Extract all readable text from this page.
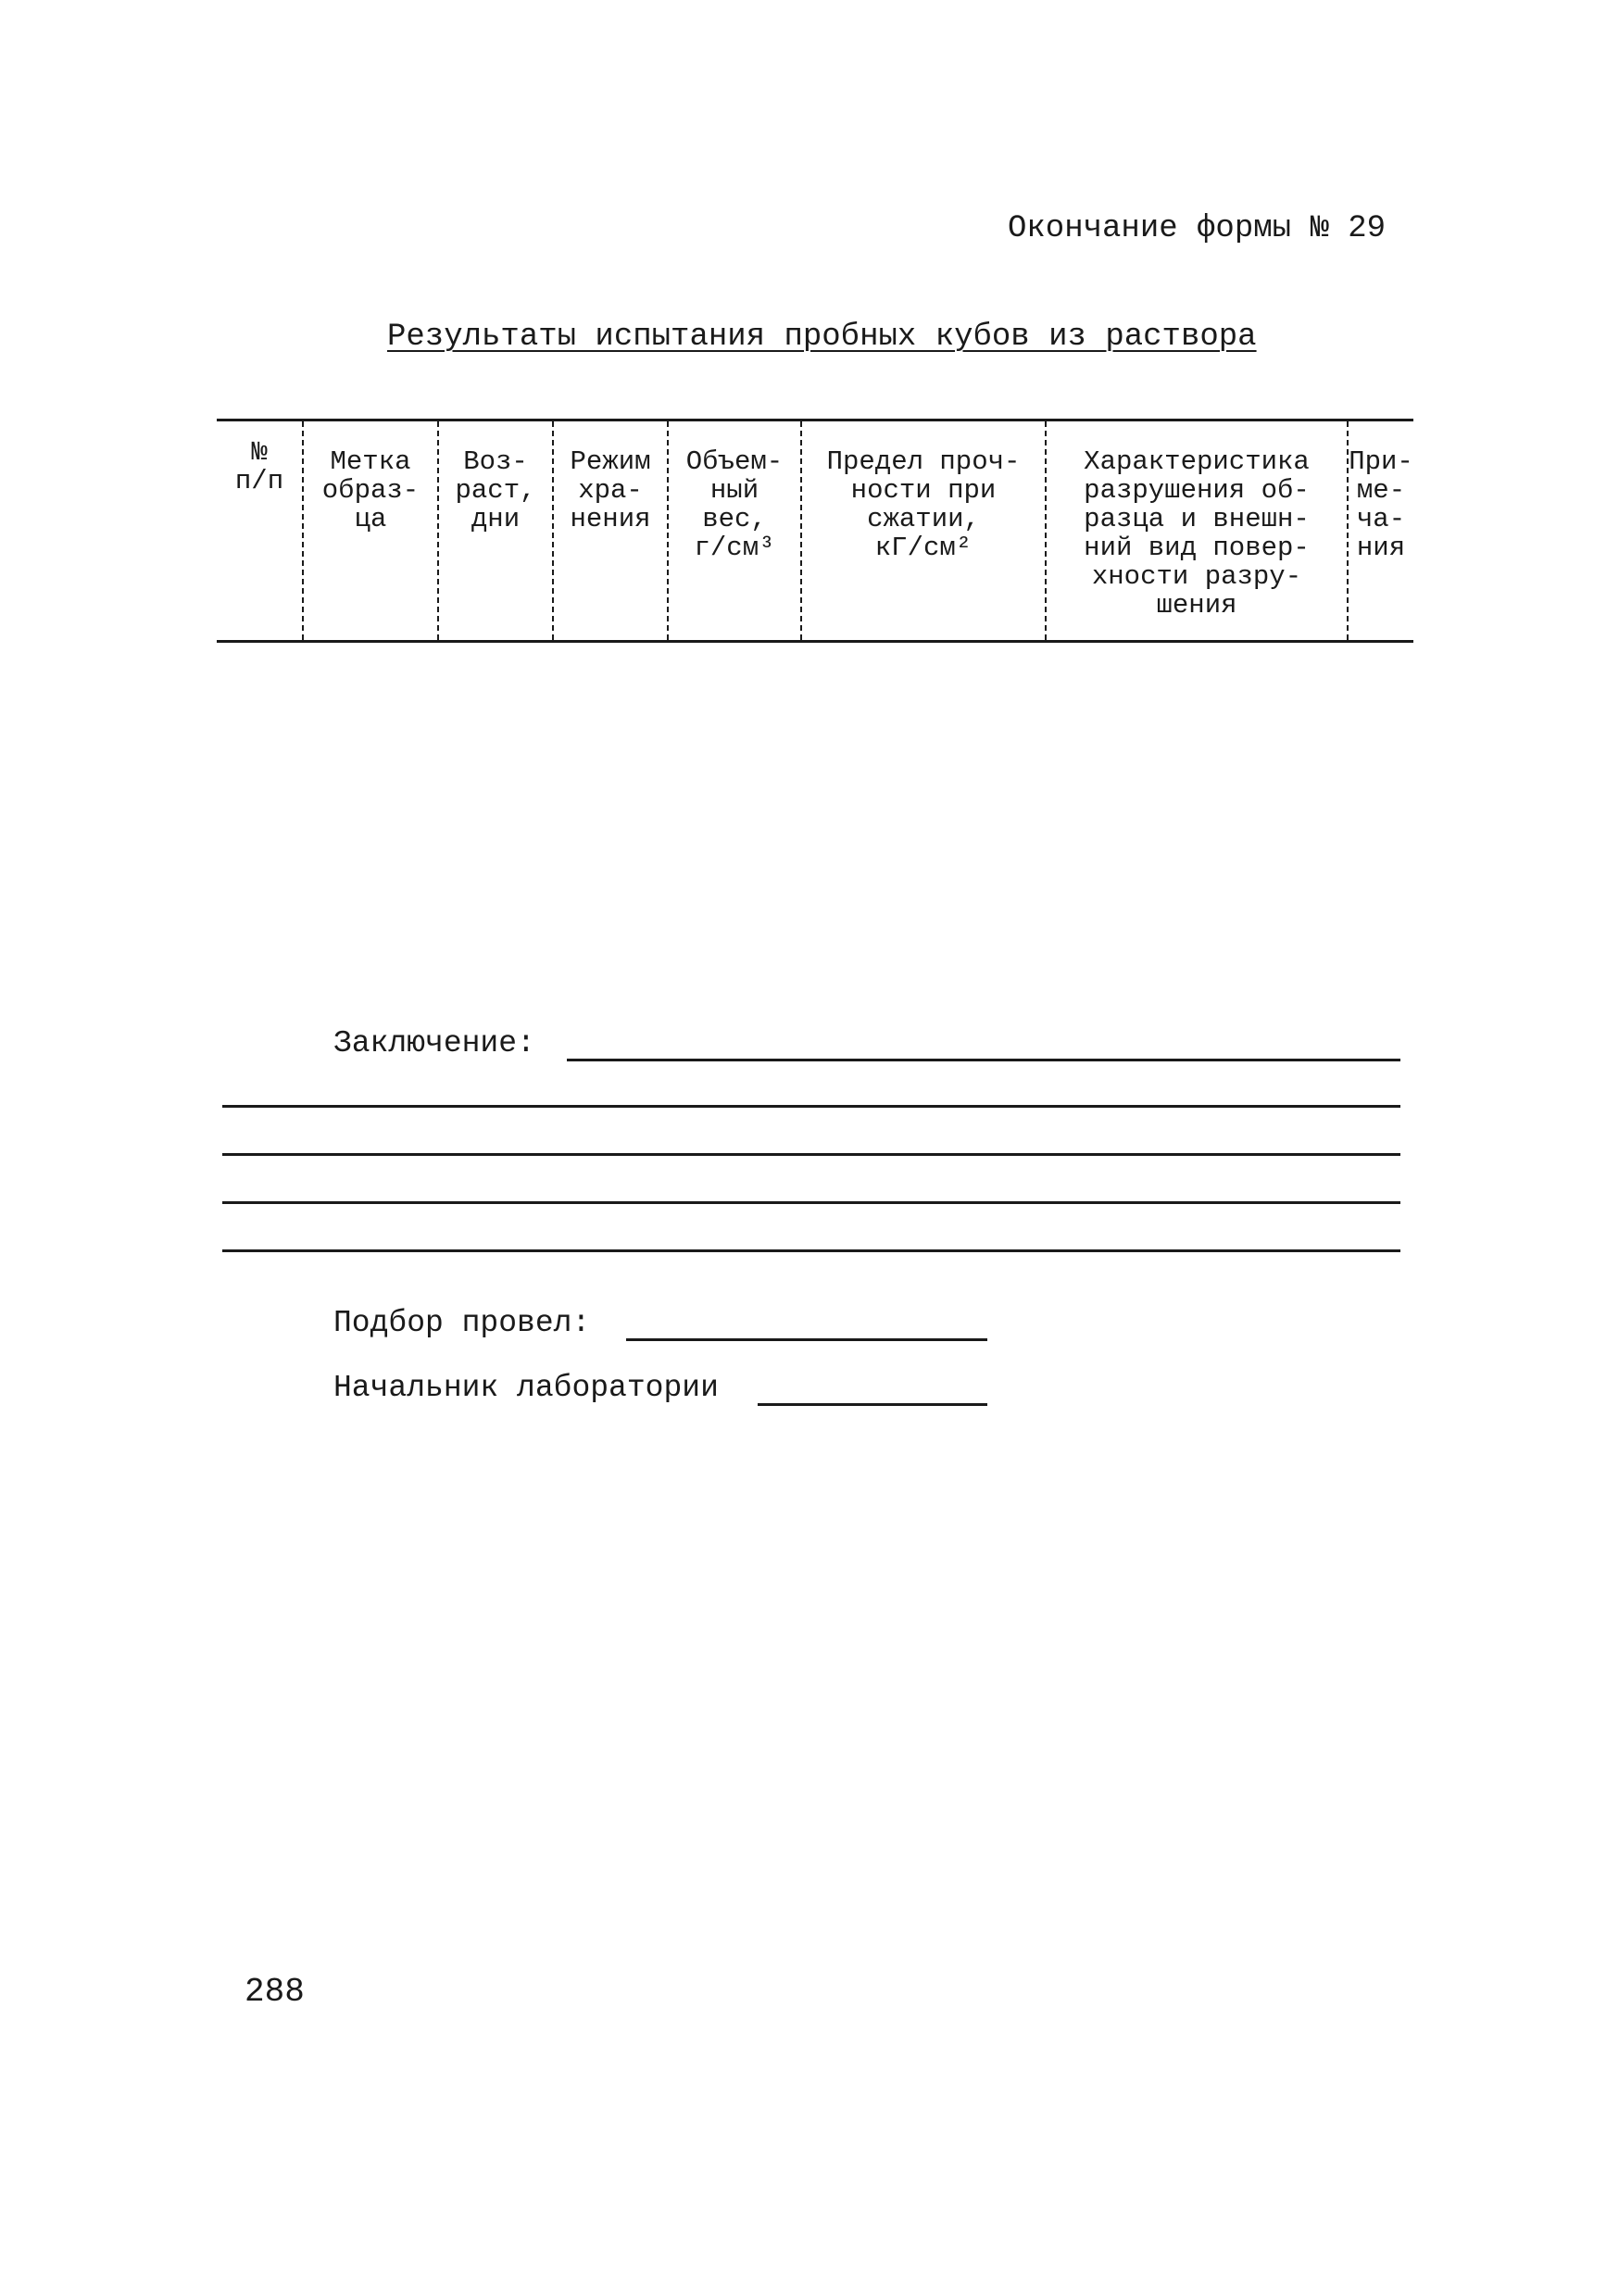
Окончание формы № 29
Результаты испытания пробных кубов из раствора
№
п/п
Метка
образ-
ца
Воз-
раст,
дни
Режим
хра-
нения
Объем-
ный
вес,
г/см³
Предел проч-
ности при
сжатии,
кГ/см²
Характеристика
разрушения об-
разца и внешн-
ний вид повер-
хности разру-
шения
При-
ме-
ча-
ния
Заключение:
Подбор провел:
Начальник лаборатории
288
